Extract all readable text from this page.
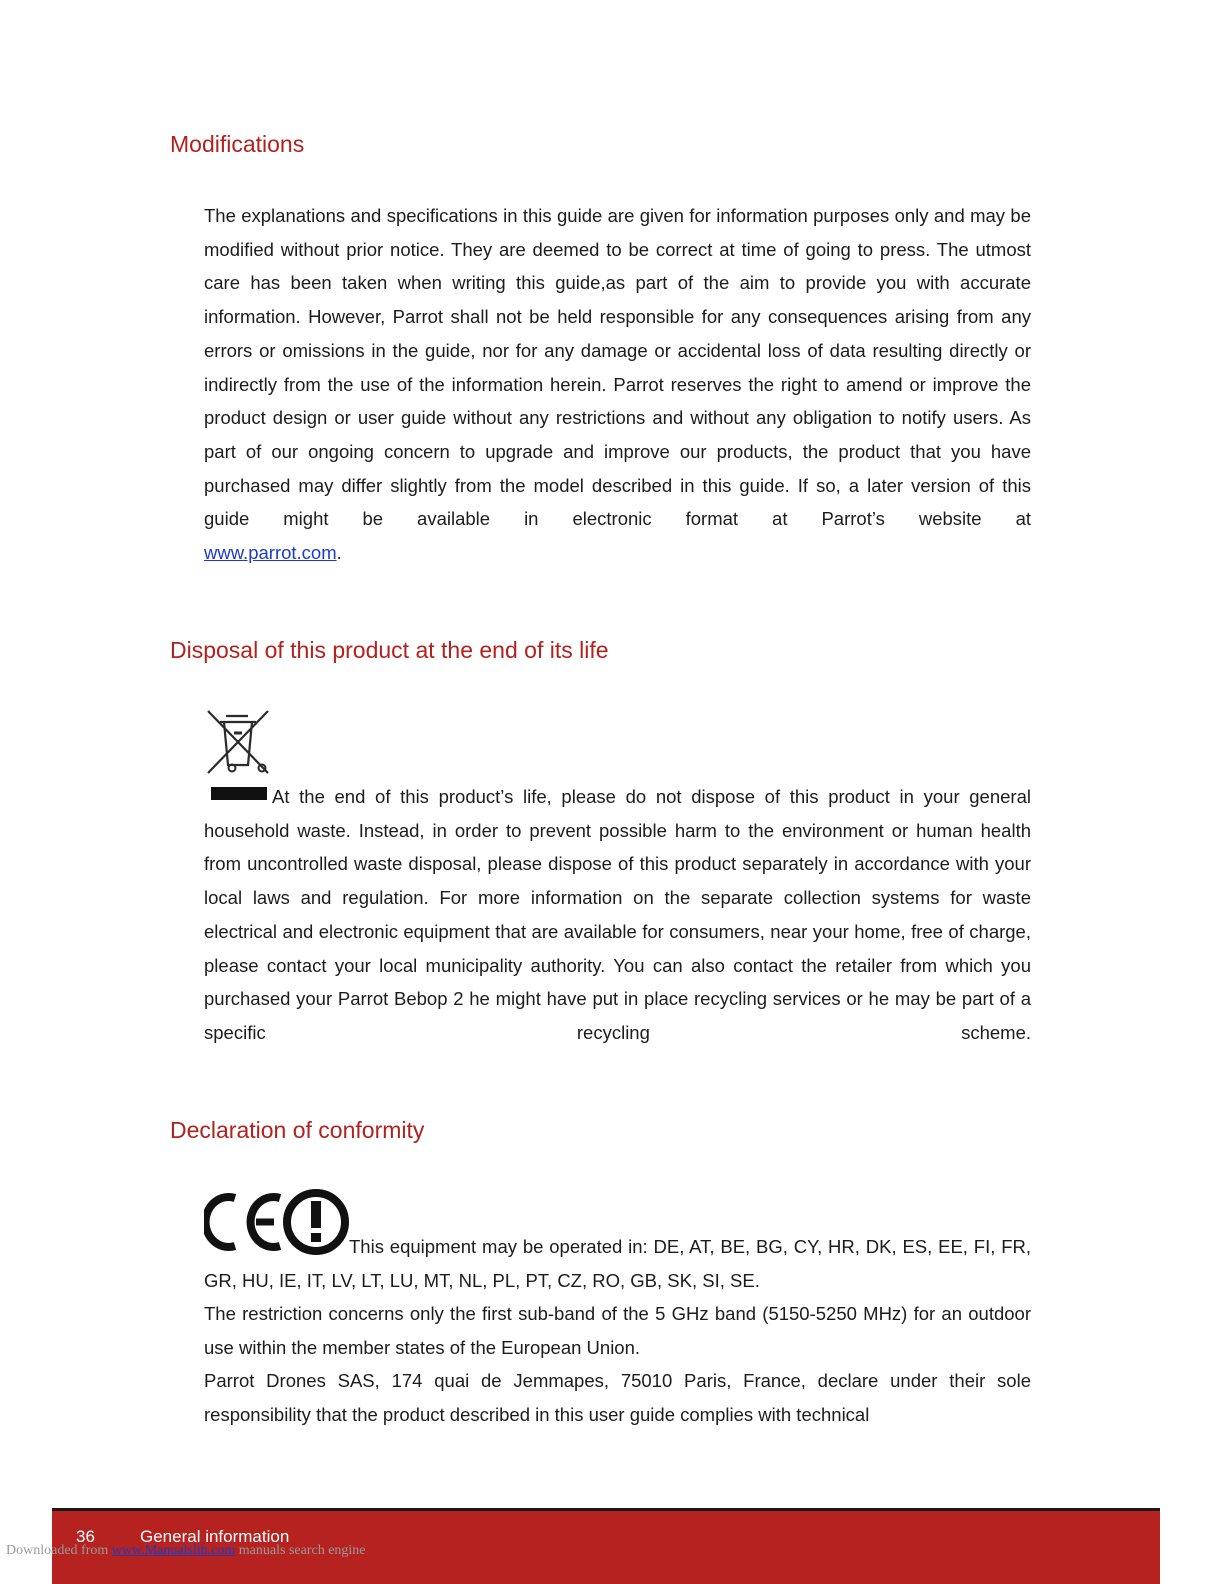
Modifications

The explanations and specifications in this guide are given for information purposes only and may be modified without prior notice. They are deemed to be correct at time of going to press. The utmost care has been taken when writing this guide,as part of the aim to provide you with accurate information. However, Parrot shall not be held responsible for any consequences arising from any errors or omissions in the guide, nor for any damage or accidental loss of data resulting directly or indirectly from the use of the information herein. Parrot reserves the right to amend or improve the product design or user guide without any restrictions and without any obligation to notify users. As part of our ongoing concern to upgrade and improve our products, the product that you have purchased may differ slightly from the model described in this guide. If so, a later version of this guide might be available in electronic format at Parrot’s website at
www.parrot.com.

Disposal of this product at the end of its life

At the end of this product’s life, please do not dispose of this product in your general household waste. Instead, in order to prevent possible harm to the environment or human health from uncontrolled waste disposal, please dispose of this product separately in accordance with your local laws and regulation. For more information on the separate collection systems for waste electrical and electronic equipment that are available for consumers, near your home, free of charge, please contact your local municipality authority. You can also contact the retailer from which you purchased your Parrot Bebop 2 he might have put in place recycling services or he may be part of a specific recycling scheme.

Declaration of conformity

This equipment may be operated in: DE, AT, BE, BG, CY, HR, DK, ES, EE, FI, FR, GR, HU, IE, IT, LV, LT, LU, MT, NL, PL, PT, CZ, RO, GB, SK, SI, SE.

The restriction concerns only the first sub-band of the 5 GHz band (5150-5250 MHz) for an outdoor use within the member states of the European Union.

Parrot Drones SAS, 174 quai de Jemmapes, 75010 Paris, France, declare under their sole responsibility that the product described in this user guide complies with technical

36	General information
Downloaded from www.Manualslib.com manuals search engine
